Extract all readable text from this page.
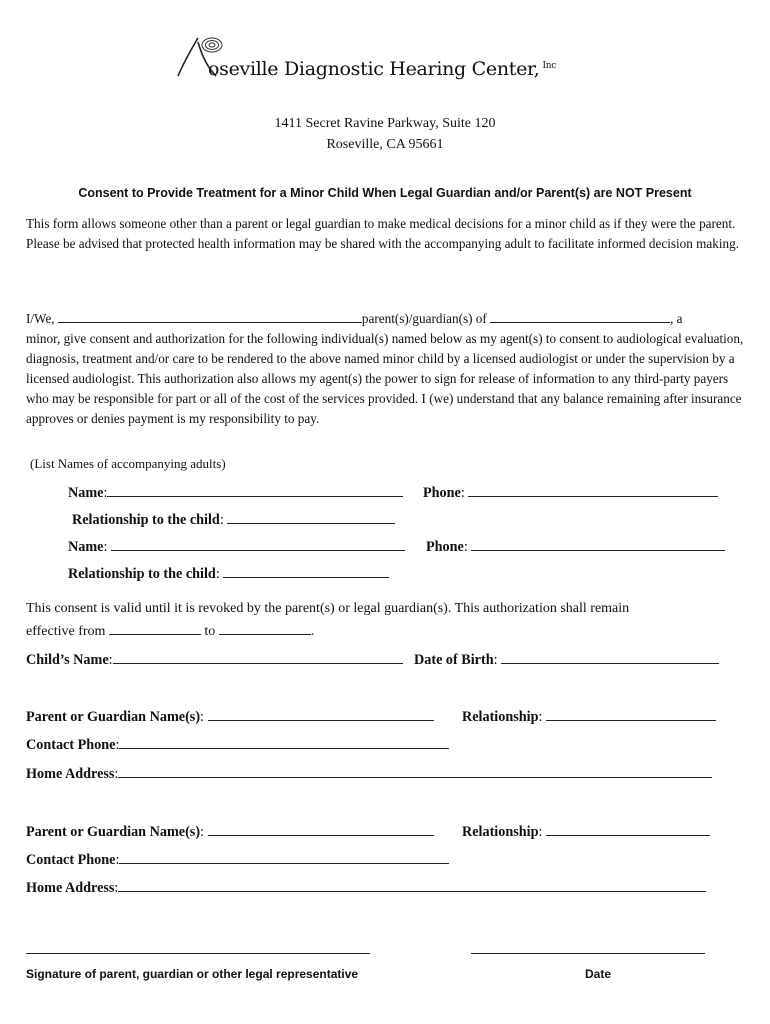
oseville Diagnostic Hearing Center, $^{Inc}$
1411 Secret Ravine Parkway, Suite 120
Roseville, CA 95661
Consent to Provide Treatment for a Minor Child When Legal Guardian and/or Parent(s) are NOT Present
This form allows someone other than a parent or legal guardian to make medical decisions for a minor child as if they were the parent. Please be advised that protected health information may be shared with the accompanying adult to facilitate informed decision making.
I/We,	parent(s)/guardian(s) of	, a
minor, give consent and authorization for the following individual(s) named below as my agent(s) to consent to audiological evaluation, diagnosis, treatment and/or care to be rendered to the above named minor child by a licensed audiologist or under the supervision by a licensed audiologist. This authorization also allows my agent(s) the power to sign for release of information to any third-party payers who may be responsible for part or all of the cost of the services provided. I (we) understand that any balance remaining after insurance approves or denies payment is my responsibility to pay.
(List Names of accompanying adults)
Name:	Phone:
Relationship to the child:
Name:	Phone:
Relationship to the child:
This consent is valid until it is revoked by the parent(s) or legal guardian(s). This authorization shall remain
effective from	to	.
Child’s Name:	Date of Birth:
Parent or Guardian Name(s):	Relationship:
Contact Phone:
Home Address:
Parent or Guardian Name(s):	Relationship:
Contact Phone:
Home Address:
Signature of parent, guardian or other legal representative	Date
